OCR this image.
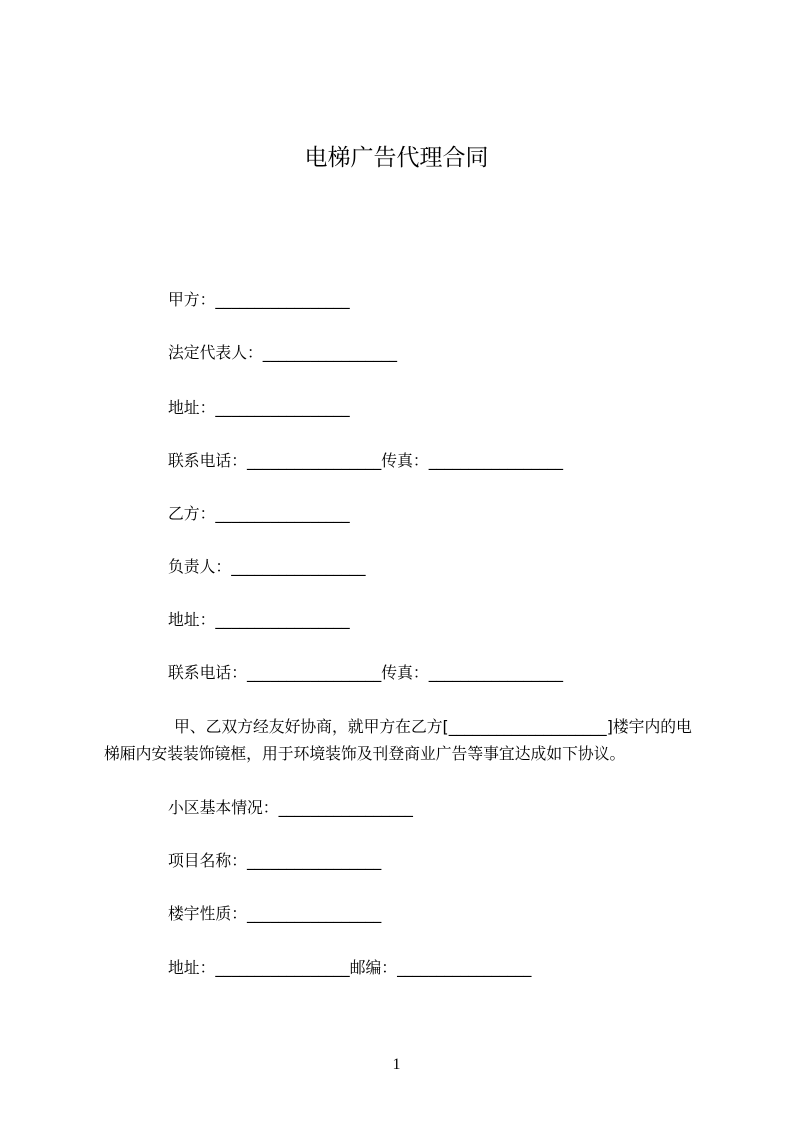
电梯广告代理合同
甲方：_________________
法定代表人：_________________
地址：_________________
联系电话：_________________传真：_________________
乙方：_________________
负责人：_________________
地址：_________________
联系电话：_________________传真：_________________
甲、乙双方经友好协商，就甲方在乙方[____________________]楼宇内的电
梯厢内安装装饰镜框，用于环境装饰及刊登商业广告等事宜达成如下协议。
小区基本情况：_________________
项目名称：_________________
楼宇性质：_________________
地址：_________________邮编：_________________
1
